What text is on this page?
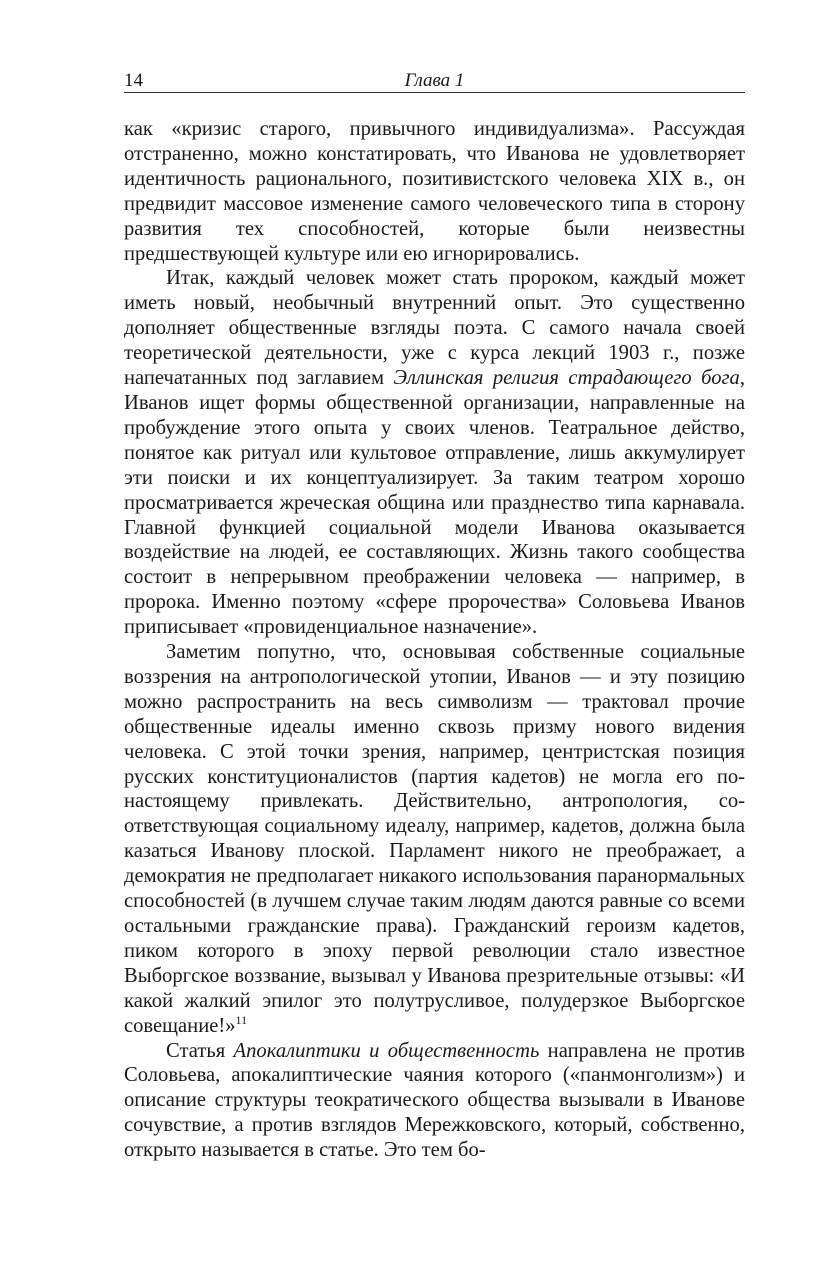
14	Глава 1

как «кризис старого, привычного индивидуализма». Рассуждая отстраненно, можно констатировать, что Иванова не удовлетворяет идентичность рационального, позитивистского человека XIX в., он предвидит массовое изменение самого человеческого типа в сторону развития тех способностей, которые были неизвестны предшествующей культуре или ею игнорировались.

Итак, каждый человек может стать пророком, каждый может иметь новый, необычный внутренний опыт. Это существенно дополняет общественные взгляды поэта. С самого начала своей теоретической деятельности, уже с курса лекций 1903 г., позже напечатанных под заглавием Эллинская религия страдающего бога, Иванов ищет формы общественной организации, направленные на пробуждение этого опыта у своих членов. Театральное действо, понятое как ритуал или культовое отправление, лишь аккумулирует эти поиски и их концептуализирует. За таким театром хорошо просматривается жреческая община или празднество типа карнавала. Главной функцией социальной модели Иванова оказывается воздействие на людей, ее составляющих. Жизнь такого сообщества состоит в непрерывном преображении человека — например, в пророка. Именно поэтому «сфере пророчества» Соловьева Иванов приписывает «провиденциальное назначение».

Заметим попутно, что, основывая собственные социальные воззрения на антропологической утопии, Иванов — и эту позицию можно распространить на весь символизм — трактовал прочие общественные идеалы именно сквозь призму нового видения человека. С этой точки зрения, например, центристская позиция русских конституционалистов (партия кадетов) не могла его по-настоящему привлекать. Действительно, антропология, соответствующая социальному идеалу, например, кадетов, должна была казаться Иванову плоской. Парламент никого не преображает, а демократия не предполагает никакого использования паранормальных способностей (в лучшем случае таким людям даются равные со всеми остальными гражданские права). Гражданский героизм кадетов, пиком которого в эпоху первой революции стало известное Выборгское воззвание, вызывал у Иванова презрительные отзывы: «И какой жалкий эпилог это полутрусливое, полудерзкое Выборгское совещание!»$^{11}$

Статья Апокалиптики и общественность направлена не против Соловьева, апокалиптические чаяния которого («панмонголизм») и описание структуры теократического общества вызывали в Иванове сочувствие, а против взглядов Мережковского, который, собственно, открыто называется в статье. Это тем бо-
